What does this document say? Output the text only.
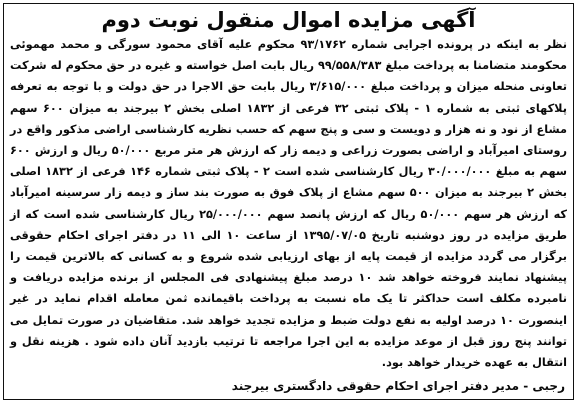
آگهی مزایده اموال منقول نوبت دوم
نظر به اینکه در پرونده اجرایی شماره ۹۳/۱۷۶۲ محکوم علیه آقای محمود سورگی و محمد مهموئی محکومند متضامنا به پرداخت مبلغ ۹۹/۵۵۸/۳۸۳ ریال بابت اصل خواسته و غیره در حق محکوم له شرکت تعاونی منحله میزان و پرداخت مبلغ ۳/۶۱۵/۰۰۰ ریال بابت حق الاجرا در حق دولت و با توجه به تعرفه پلاکهای ثبتی به شماره ۱ - پلاک ثبتی ۳۲ فرعی از ۱۸۳۲ اصلی بخش ۲ بیرجند به میزان ۶۰۰ سهم مشاع از نود و نه هزار و دویست و سی و پنج سهم که حسب نظریه کارشناسی اراضی مذکور واقع در روستای امیرآباد و اراضی بصورت زراعی و دیمه زار که ارزش هر متر مربع ۵۰/۰۰۰ ریال و ارزش ۶۰۰ سهم به مبلغ ۳۰/۰۰۰/۰۰۰ ریال کارشناسی شده است ۲ - پلاک ثبتی شماره ۱۴۶ فرعی از ۱۸۳۲ اصلی بخش ۲ بیرجند به میزان ۵۰۰ سهم مشاع از پلاک فوق به صورت بند ساز و دیمه زار سرسینه امیرآباد که ارزش هر سهم ۵۰/۰۰۰ ریال که ارزش پانصد سهم ۲۵/۰۰۰/۰۰۰ ریال کارشناسی شده است که از طریق مزایده در روز دوشنبه تاریخ ۱۳۹۵/۰۷/۰۵ از ساعت ۱۰ الی ۱۱ در دفتر اجرای احکام حقوقی برگزار می گردد مزایده از قیمت پایه از بهای ارزیابی شده شروع و به کسانی که بالاترین قیمت را پیشنهاد نمایند فروخته خواهد شد ۱۰ درصد مبلغ پیشنهادی فی المجلس از برنده مزایده دریافت و نامبرده مکلف است حداکثر تا یک ماه نسبت به پرداخت باقیمانده ثمن معامله اقدام نماید در غیر اینصورت ۱۰ درصد اولیه به نفع دولت ضبط و مزایده تجدید خواهد شد. متقاضیان در صورت تمایل می توانند پنج روز قبل از موعد مزایده به این اجرا مراجعه تا ترتیب بازدید آنان داده شود . هزینه نقل و انتقال به عهده خریدار خواهد بود.
رجبی - مدیر دفتر اجرای احکام حقوقی دادگستری بیرجند
